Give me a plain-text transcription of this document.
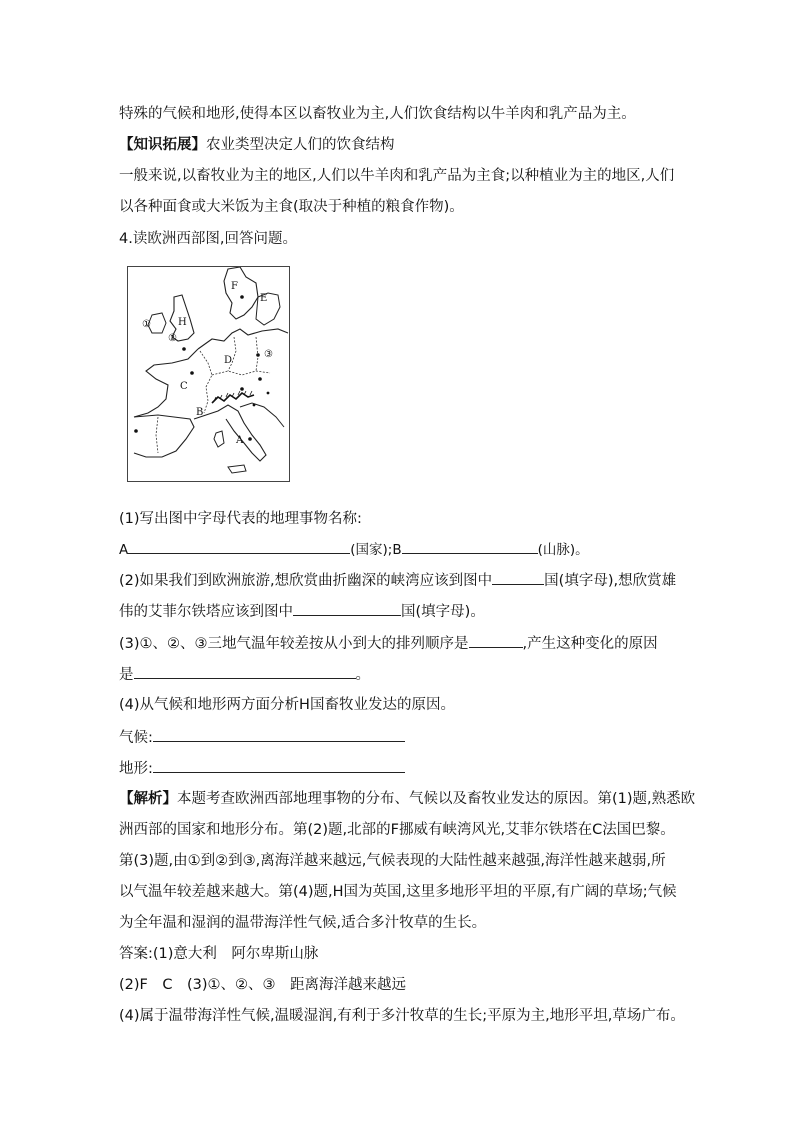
特殊的气候和地形,使得本区以畜牧业为主,人们饮食结构以牛羊肉和乳产品为主。
【知识拓展】农业类型决定人们的饮食结构
一般来说,以畜牧业为主的地区,人们以牛羊肉和乳产品为主食;以种植业为主的地区,人们
以各种面食或大米饭为主食(取决于种植的粮食作物)。
4.读欧洲西部图,回答问题。
F
E
H
D
C
B
A
①
②
③
(1)写出图中字母代表的地理事物名称:
A	(国家);B	(山脉)。
(2)如果我们到欧洲旅游,想欣赏曲折幽深的峡湾应该到图中	国(填字母),想欣赏雄
伟的艾菲尔铁塔应该到图中	国(填字母)。
(3)①、②、③三地气温年较差按从小到大的排列顺序是	,产生这种变化的原因
是	。
(4)从气候和地形两方面分析H国畜牧业发达的原因。
气候:
地形:
【解析】本题考查欧洲西部地理事物的分布、气候以及畜牧业发达的原因。第(1)题,熟悉欧
洲西部的国家和地形分布。第(2)题,北部的F挪威有峡湾风光,艾菲尔铁塔在C法国巴黎。
第(3)题,由①到②到③,离海洋越来越远,气候表现的大陆性越来越强,海洋性越来越弱,所
以气温年较差越来越大。第(4)题,H国为英国,这里多地形平坦的平原,有广阔的草场;气候
为全年温和湿润的温带海洋性气候,适合多汁牧草的生长。
答案:(1)意大利　阿尔卑斯山脉
(2)F　C　(3)①、②、③　距离海洋越来越远
(4)属于温带海洋性气候,温暖湿润,有利于多汁牧草的生长;平原为主,地形平坦,草场广布。
